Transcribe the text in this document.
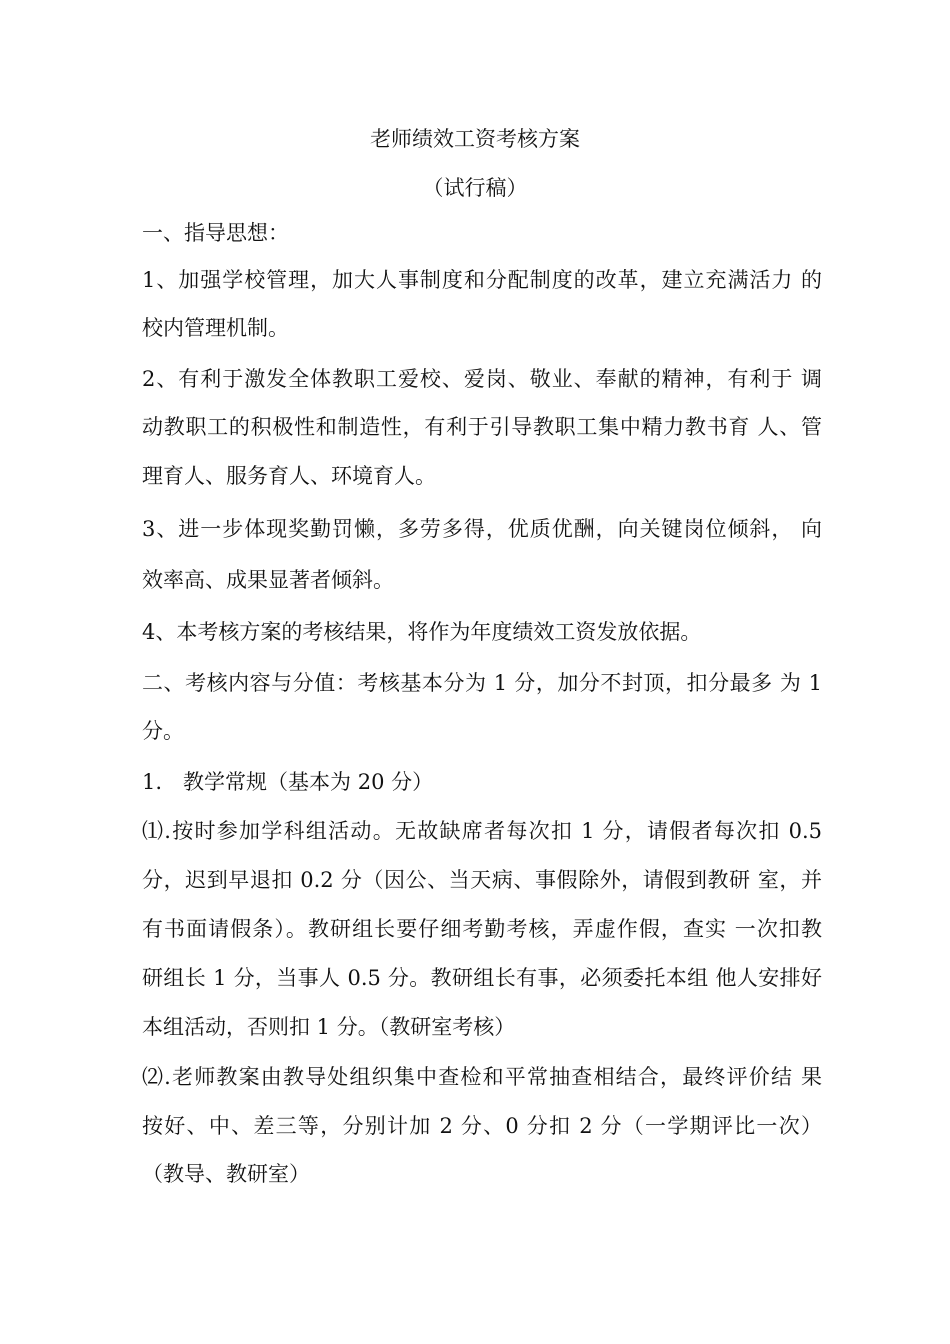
老师绩效工资考核方案
（试行稿）
一、指导思想：
1、加强学校管理，加大人事制度和分配制度的改革，建立充满活力 的
校内管理机制。
2、有利于激发全体教职工爱校、爱岗、敬业、奉献的精神，有利于 调
动教职工的积极性和制造性，有利于引导教职工集中精力教书育 人、管
理育人、服务育人、环境育人。
3、进一步体现奖勤罚懒，多劳多得，优质优酬，向关键岗位倾斜， 向
效率高、成果显著者倾斜。
4、本考核方案的考核结果，将作为年度绩效工资发放依据。
二、考核内容与分值：考核基本分为 1 分，加分不封顶，扣分最多 为 1
分。
1.　教学常规（基本为 20 分）
⑴.按时参加学科组活动。无故缺席者每次扣 1 分，请假者每次扣 0.5
分，迟到早退扣 0.2 分（因公、当天病、事假除外，请假到教研 室，并
有书面请假条）。教研组长要仔细考勤考核，弄虚作假，查实 一次扣教
研组长 1 分，当事人 0.5 分。教研组长有事，必须委托本组 他人安排好
本组活动，否则扣 1 分。（教研室考核）
⑵.老师教案由教导处组织集中查检和平常抽查相结合，最终评价结 果
按好、中、差三等，分别计加 2 分、0 分扣 2 分（一学期评比一次）
（教导、教研室）
